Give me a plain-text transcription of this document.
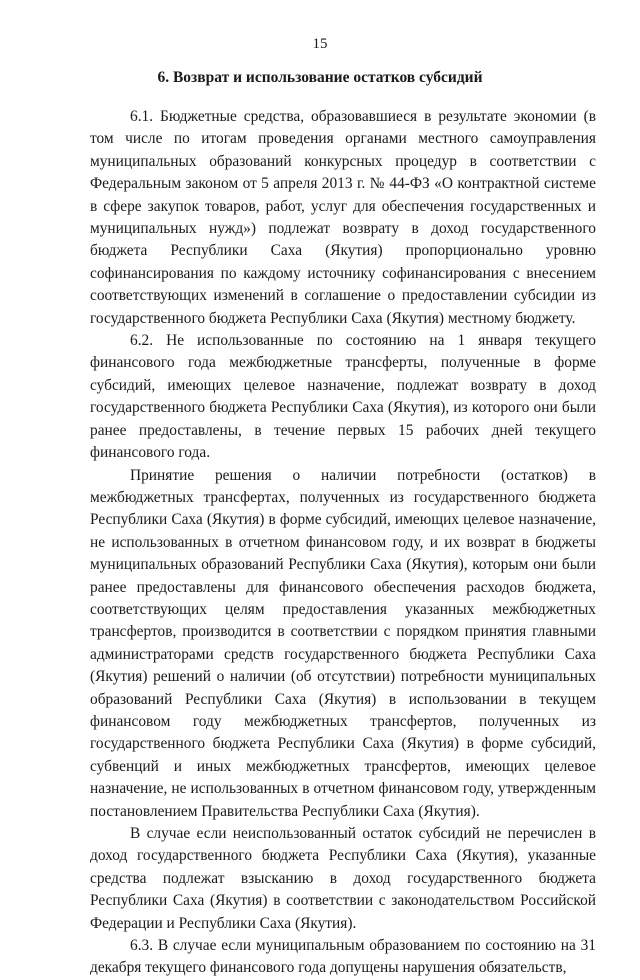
15
6. Возврат и использование остатков субсидий

6.1. Бюджетные средства, образовавшиеся в результате экономии (в том числе по итогам проведения органами местного самоуправления муниципальных образований конкурсных процедур в соответствии с Федеральным законом от 5 апреля 2013 г. № 44-ФЗ «О контрактной системе в сфере закупок товаров, работ, услуг для обеспечения государственных и муниципальных нужд») подлежат возврату в доход государственного бюджета Республики Саха (Якутия) пропорционально уровню софинансирования по каждому источнику софинансирования с внесением соответствующих изменений в соглашение о предоставлении субсидии из государственного бюджета Республики Саха (Якутия) местному бюджету.

6.2. Не использованные по состоянию на 1 января текущего финансового года межбюджетные трансферты, полученные в форме субсидий, имеющих целевое назначение, подлежат возврату в доход государственного бюджета Республики Саха (Якутия), из которого они были ранее предоставлены, в течение первых 15 рабочих дней текущего финансового года.

Принятие решения о наличии потребности (остатков) в межбюджетных трансфертах, полученных из государственного бюджета Республики Саха (Якутия) в форме субсидий, имеющих целевое назначение, не использованных в отчетном финансовом году, и их возврат в бюджеты муниципальных образований Республики Саха (Якутия), которым они были ранее предоставлены для финансового обеспечения расходов бюджета, соответствующих целям предоставления указанных межбюджетных трансфертов, производится в соответствии с порядком принятия главными администраторами средств государственного бюджета Республики Саха (Якутия) решений о наличии (об отсутствии) потребности муниципальных образований Республики Саха (Якутия) в использовании в текущем финансовом году межбюджетных трансфертов, полученных из государственного бюджета Республики Саха (Якутия) в форме субсидий, субвенций и иных межбюджетных трансфертов, имеющих целевое назначение, не использованных в отчетном финансовом году, утвержденным постановлением Правительства Республики Саха (Якутия).

В случае если неиспользованный остаток субсидий не перечислен в доход государственного бюджета Республики Саха (Якутия), указанные средства подлежат взысканию в доход государственного бюджета Республики Саха (Якутия) в соответствии с законодательством Российской Федерации и Республики Саха (Якутия).

6.3. В случае если муниципальным образованием по состоянию на 31 декабря текущего финансового года допущены нарушения обязательств,
